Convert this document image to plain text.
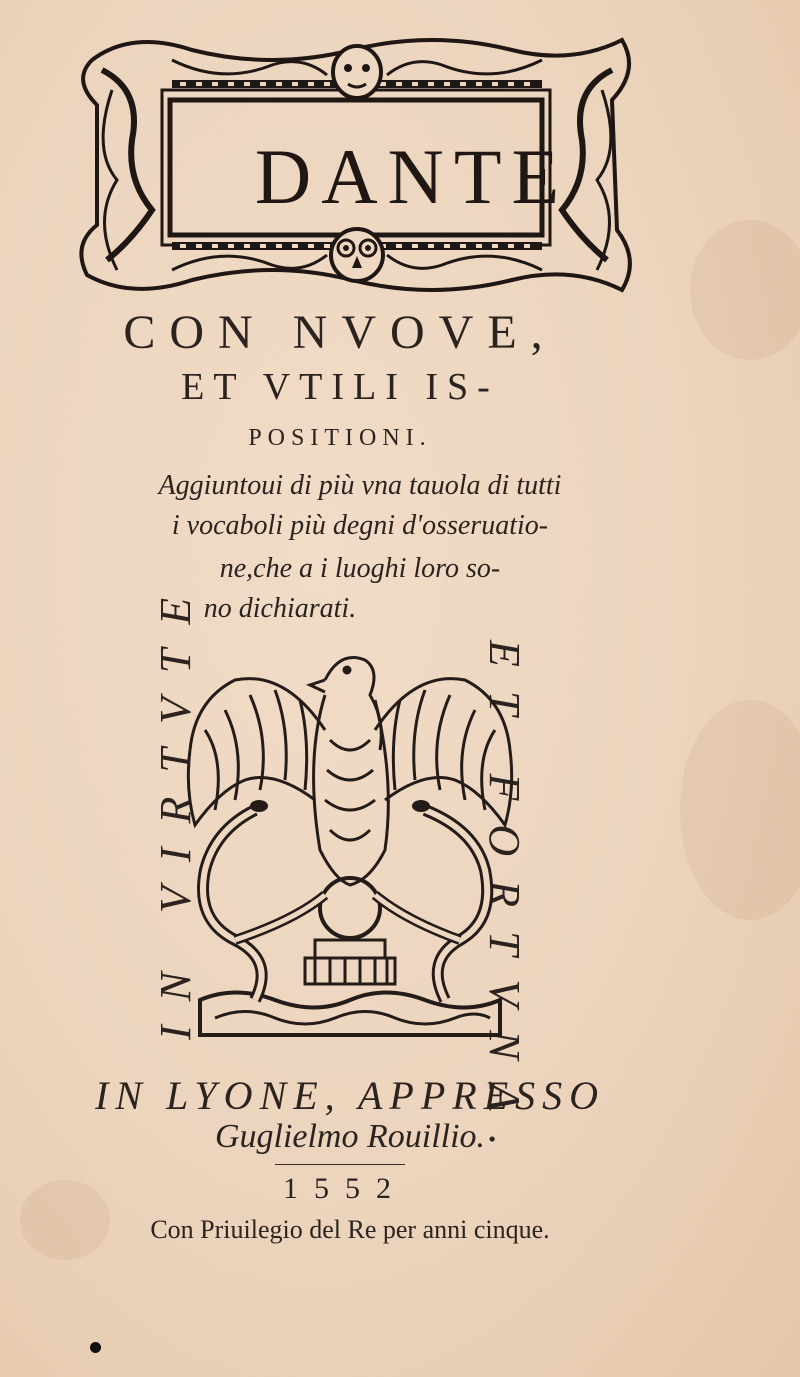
DANTE
CON NVOVE,
ET VTILI IS-
POSITIONI.
Aggiuntoui di più vna tauola di tutti
i vocaboli più degni d'osseruatio-
ne,che a i luoghi loro so-
no dichiarati.
IN VIRTVTE	ET FORTVNA.
IN LYONE, APPRESSO
Guglielmo Rouillio.
1552
Con Priuilegio del Re per anni cinque.
